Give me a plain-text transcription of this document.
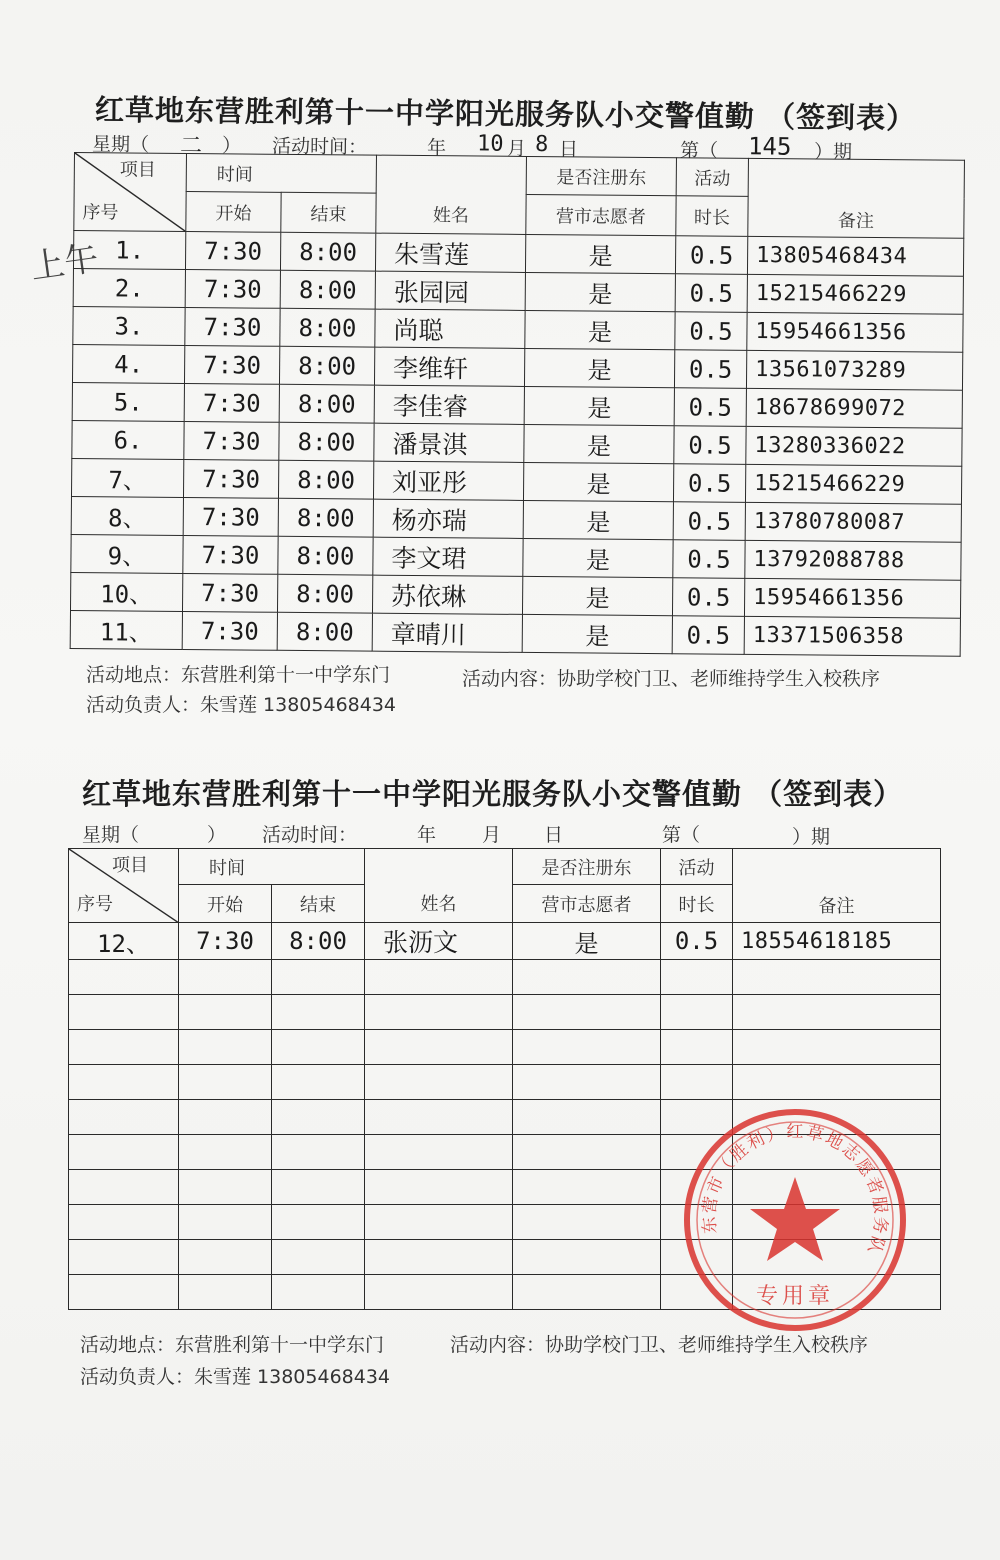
红草地东营胜利第十一中学阳光服务队小交警值勤 （签到表）
星期（ 二 ） 活动时间：	年 10 月 8 日	第（ 145 ）期
上午
项目
序号	时间		姓名	是否注册东	活动	备注
	开始	结束		营市志愿者	时长	
1.	7:30	8:00	朱雪莲	是	0.5	13805468434
2.	7:30	8:00	张园园	是	0.5	15215466229
3.	7:30	8:00	尚聪	是	0.5	15954661356
4.	7:30	8:00	李维轩	是	0.5	13561073289
5.	7:30	8:00	李佳睿	是	0.5	18678699072
6.	7:30	8:00	潘景淇	是	0.5	13280336022
7、	7:30	8:00	刘亚彤	是	0.5	15215466229
8、	7:30	8:00	杨亦瑞	是	0.5	13780780087
9、	7:30	8:00	李文珺	是	0.5	13792088788
10、	7:30	8:00	苏依琳	是	0.5	15954661356
11、	7:30	8:00	章晴川	是	0.5	13371506358
活动地点：东营胜利第十一中学东门	活动内容：协助学校门卫、老师维持学生入校秩序
活动负责人：朱雪莲 13805468434
红草地东营胜利第十一中学阳光服务队小交警值勤 （签到表）
星期（	） 活动时间：	年 月 日	第（	）期
项目
序号	时间		姓名	是否注册东	活动	备注
	开始	结束		营市志愿者	时长	
12、	7:30	8:00	张沥文	是	0.5	18554618185

东营市（胜利）红草地志愿者服务队
专用章
活动地点：东营胜利第十一中学东门	活动内容：协助学校门卫、老师维持学生入校秩序
活动负责人：朱雪莲 13805468434
